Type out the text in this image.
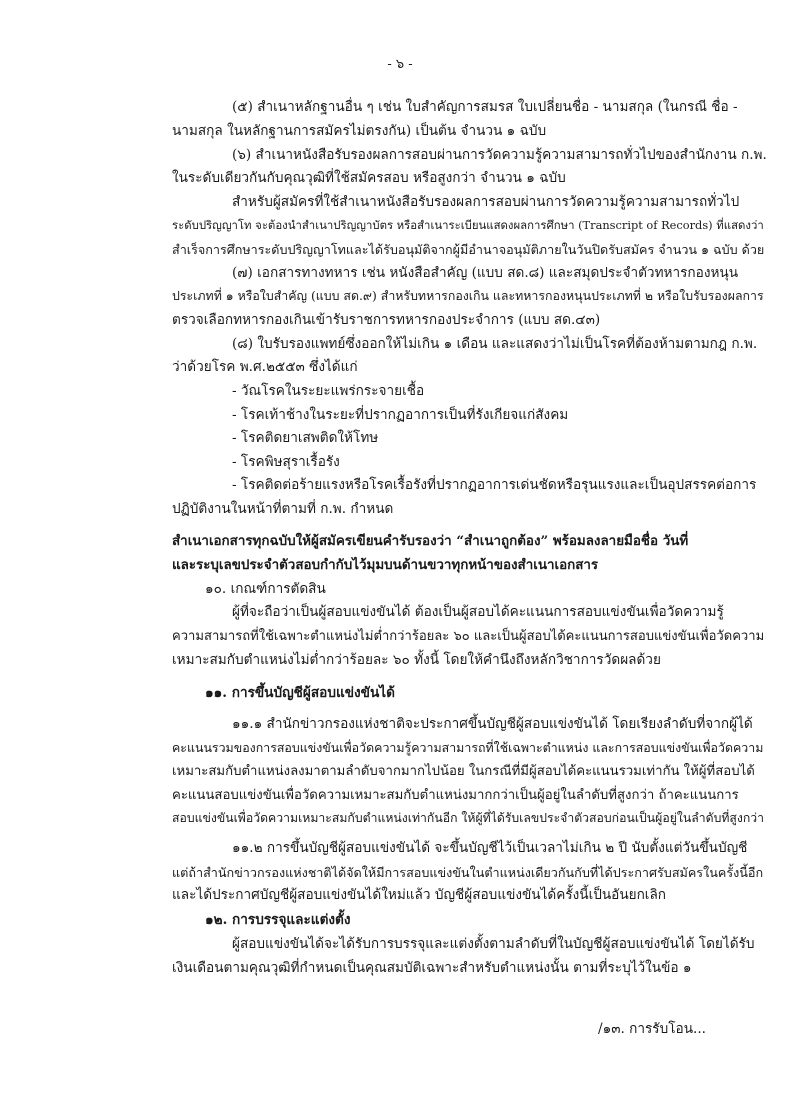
- ๖ -
(๕) สำเนาหลักฐานอื่น ๆ เช่น ใบสำคัญการสมรส ใบเปลี่ยนชื่อ - นามสกุล (ในกรณี ชื่อ -
นามสกุล ในหลักฐานการสมัครไม่ตรงกัน) เป็นต้น จำนวน ๑ ฉบับ
(๖) สำเนาหนังสือรับรองผลการสอบผ่านการวัดความรู้ความสามารถทั่วไปของสำนักงาน ก.พ.
ในระดับเดียวกันกับคุณวุฒิที่ใช้สมัครสอบ หรือสูงกว่า จำนวน ๑ ฉบับ
สำหรับผู้สมัครที่ใช้สำเนาหนังสือรับรองผลการสอบผ่านการวัดความรู้ความสามารถทั่วไป
ระดับปริญญาโท จะต้องนำสำเนาปริญญาบัตร หรือสำเนาระเบียนแสดงผลการศึกษา (Transcript of Records) ที่แสดงว่า
สำเร็จการศึกษาระดับปริญญาโทและได้รับอนุมัติจากผู้มีอำนาจอนุมัติภายในวันปิดรับสมัคร จำนวน ๑ ฉบับ ด้วย
(๗) เอกสารทางทหาร เช่น หนังสือสำคัญ (แบบ สด.๘) และสมุดประจำตัวทหารกองหนุน
ประเภทที่ ๑ หรือใบสำคัญ (แบบ สด.๙) สำหรับทหารกองเกิน และทหารกองหนุนประเภทที่ ๒ หรือใบรับรองผลการ
ตรวจเลือกทหารกองเกินเข้ารับราชการทหารกองประจำการ (แบบ สด.๔๓)
(๘) ใบรับรองแพทย์ซึ่งออกให้ไม่เกิน ๑ เดือน และแสดงว่าไม่เป็นโรคที่ต้องห้ามตามกฎ ก.พ.
ว่าด้วยโรค พ.ศ.๒๕๕๓ ซึ่งได้แก่
- วัณโรคในระยะแพร่กระจายเชื้อ
- โรคเท้าช้างในระยะที่ปรากฏอาการเป็นที่รังเกียจแก่สังคม
- โรคติดยาเสพติดให้โทษ
- โรคพิษสุราเรื้อรัง
- โรคติดต่อร้ายแรงหรือโรคเรื้อรังที่ปรากฏอาการเด่นชัดหรือรุนแรงและเป็นอุปสรรคต่อการ
ปฏิบัติงานในหน้าที่ตามที่ ก.พ. กำหนด
สำเนาเอกสารทุกฉบับให้ผู้สมัครเขียนคำรับรองว่า “สำเนาถูกต้อง” พร้อมลงลายมือชื่อ วันที่
และระบุเลขประจำตัวสอบกำกับไว้มุมบนด้านขวาทุกหน้าของสำเนาเอกสาร
๑๐. เกณฑ์การตัดสิน
ผู้ที่จะถือว่าเป็นผู้สอบแข่งขันได้ ต้องเป็นผู้สอบได้คะแนนการสอบแข่งขันเพื่อวัดความรู้
ความสามารถที่ใช้เฉพาะตำแหน่งไม่ต่ำกว่าร้อยละ ๖๐ และเป็นผู้สอบได้คะแนนการสอบแข่งขันเพื่อวัดความ
เหมาะสมกับตำแหน่งไม่ต่ำกว่าร้อยละ ๖๐ ทั้งนี้ โดยให้คำนึงถึงหลักวิชาการวัดผลด้วย
๑๑. การขึ้นบัญชีผู้สอบแข่งขันได้
๑๑.๑ สำนักข่าวกรองแห่งชาติจะประกาศขึ้นบัญชีผู้สอบแข่งขันได้ โดยเรียงลำดับที่จากผู้ได้
คะแนนรวมของการสอบแข่งขันเพื่อวัดความรู้ความสามารถที่ใช้เฉพาะตำแหน่ง และการสอบแข่งขันเพื่อวัดความ
เหมาะสมกับตำแหน่งลงมาตามลำดับจากมากไปน้อย ในกรณีที่มีผู้สอบได้คะแนนรวมเท่ากัน ให้ผู้ที่สอบได้
คะแนนสอบแข่งขันเพื่อวัดความเหมาะสมกับตำแหน่งมากกว่าเป็นผู้อยู่ในลำดับที่สูงกว่า ถ้าคะแนนการ
สอบแข่งขันเพื่อวัดความเหมาะสมกับตำแหน่งเท่ากันอีก ให้ผู้ที่ได้รับเลขประจำตัวสอบก่อนเป็นผู้อยู่ในลำดับที่สูงกว่า
๑๑.๒ การขึ้นบัญชีผู้สอบแข่งขันได้ จะขึ้นบัญชีไว้เป็นเวลาไม่เกิน ๒ ปี นับตั้งแต่วันขึ้นบัญชี
แต่ถ้าสำนักข่าวกรองแห่งชาติได้จัดให้มีการสอบแข่งขันในตำแหน่งเดียวกันกับที่ได้ประกาศรับสมัครในครั้งนี้อีก
และได้ประกาศบัญชีผู้สอบแข่งขันได้ใหม่แล้ว บัญชีผู้สอบแข่งขันได้ครั้งนี้เป็นอันยกเลิก
๑๒. การบรรจุและแต่งตั้ง
ผู้สอบแข่งขันได้จะได้รับการบรรจุและแต่งตั้งตามลำดับที่ในบัญชีผู้สอบแข่งขันได้ โดยได้รับ
เงินเดือนตามคุณวุฒิที่กำหนดเป็นคุณสมบัติเฉพาะสำหรับตำแหน่งนั้น ตามที่ระบุไว้ในข้อ ๑
/๑๓. การรับโอน...
